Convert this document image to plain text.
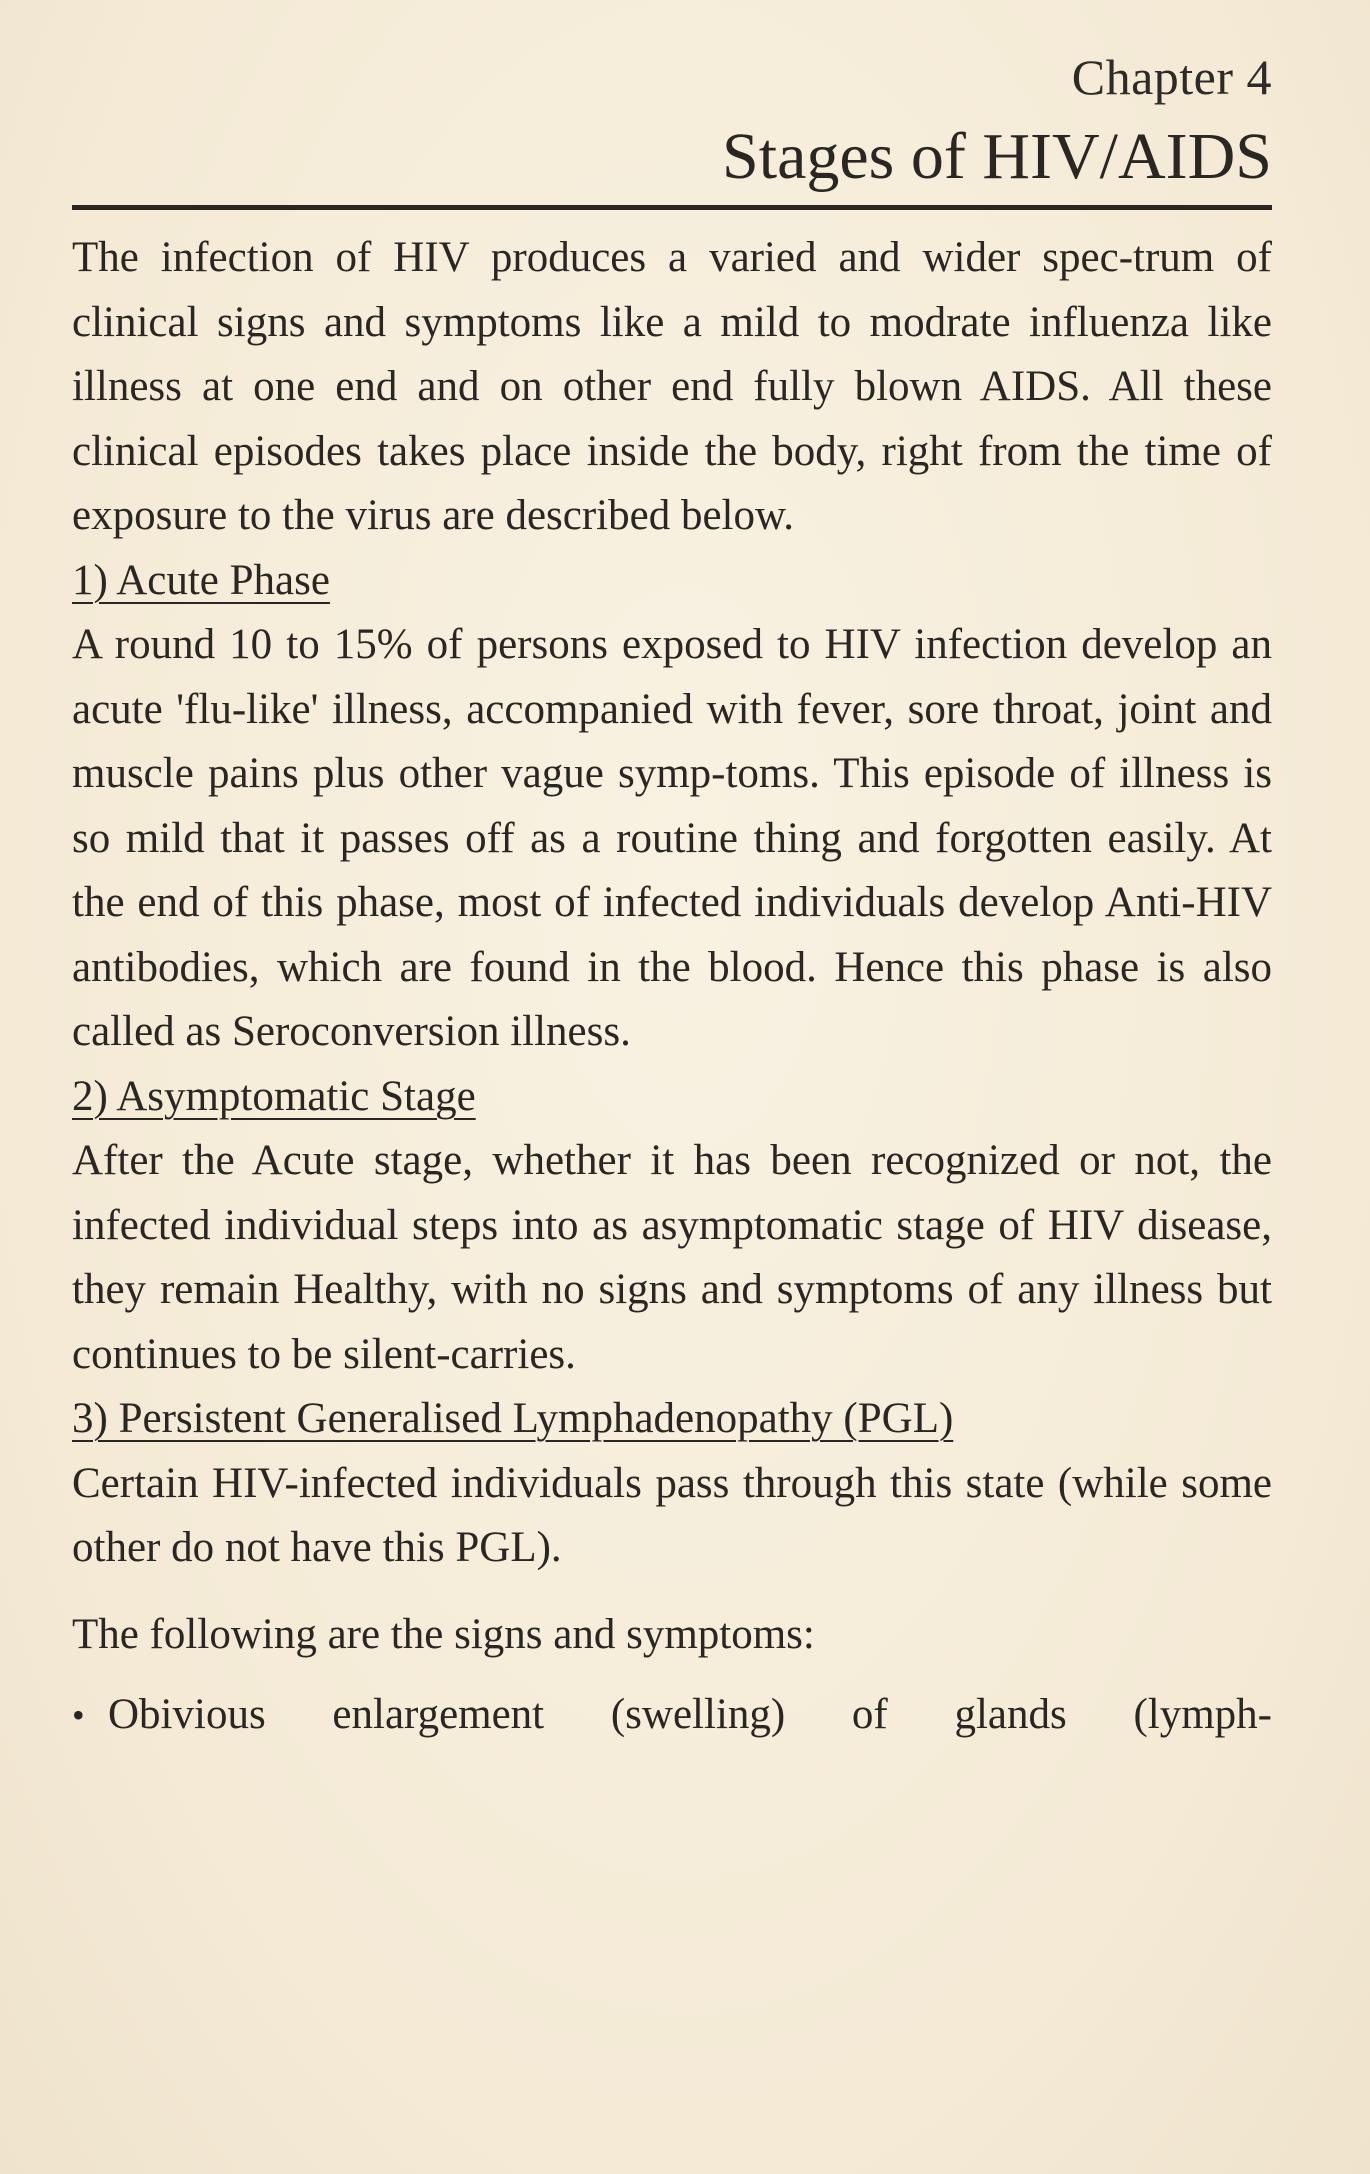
Chapter 4
Stages of HIV/AIDS

The infection of HIV produces a varied and wider spec-trum of clinical signs and symptoms like a mild to modrate influenza like illness at one end and on other end fully blown AIDS. All these clinical episodes takes place inside the body, right from the time of exposure to the virus are described below.

1) Acute Phase

A round 10 to 15% of persons exposed to HIV infection develop an acute 'flu-like' illness, accompanied with fever, sore throat, joint and muscle pains plus other vague symp-toms. This episode of illness is so mild that it passes off as a routine thing and forgotten easily. At the end of this phase, most of infected individuals develop Anti-HIV antibodies, which are found in the blood. Hence this phase is also called as Seroconversion illness.

2) Asymptomatic Stage

After the Acute stage, whether it has been recognized or not, the infected individual steps into as asymptomatic stage of HIV disease, they remain Healthy, with no signs and symptoms of any illness but continues to be silent-carries.

3) Persistent Generalised Lymphadenopathy (PGL)

Certain HIV-infected individuals pass through this state (while some other do not have this PGL).

The following are the signs and symptoms:

• Obivious enlargement (swelling) of glands (lymph-
